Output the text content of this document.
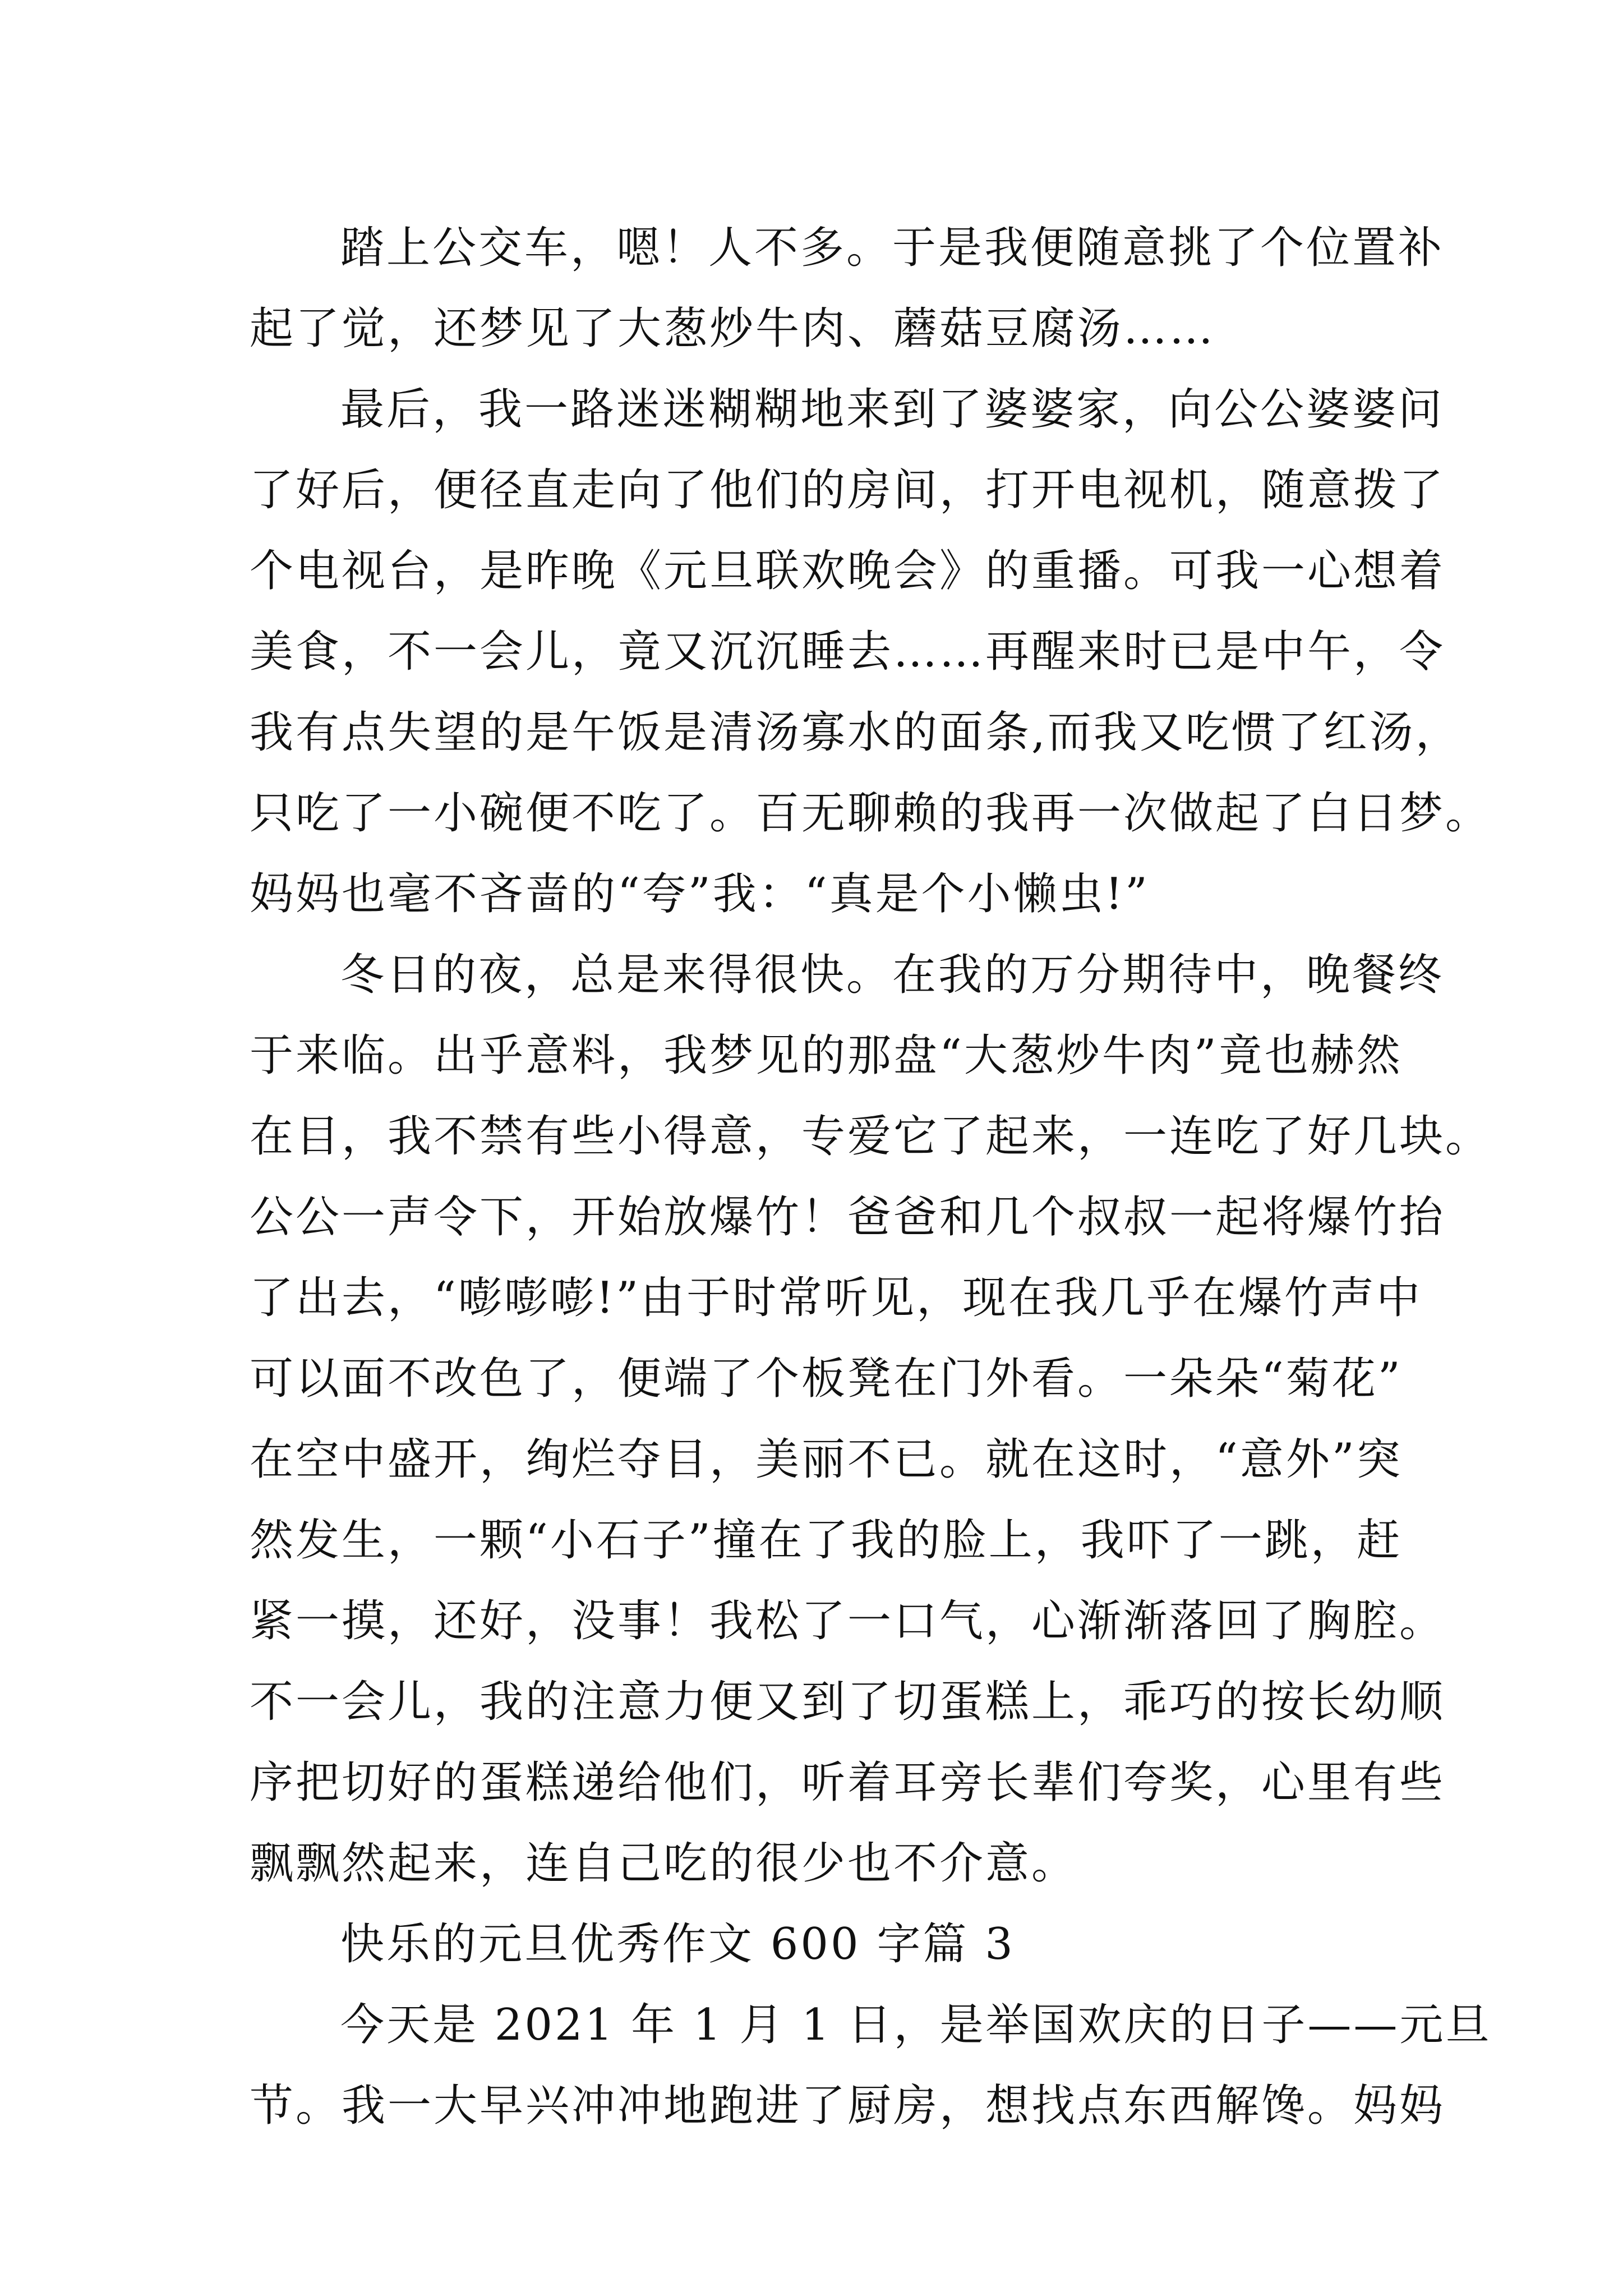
踏上公交车，嗯！人不多。于是我便随意挑了个位置补
起了觉，还梦见了大葱炒牛肉、蘑菇豆腐汤……
最后，我一路迷迷糊糊地来到了婆婆家，向公公婆婆问
了好后，便径直走向了他们的房间，打开电视机，随意拨了
个电视台，是昨晚《元旦联欢晚会》的重播。可我一心想着
美食，不一会儿，竟又沉沉睡去……再醒来时已是中午，令
我有点失望的是午饭是清汤寡水的面条,而我又吃惯了红汤，
只吃了一小碗便不吃了。百无聊赖的我再一次做起了白日梦。
妈妈也毫不吝啬的“夸”我：“真是个小懒虫!”
冬日的夜，总是来得很快。在我的万分期待中，晚餐终
于来临。出乎意料，我梦见的那盘“大葱炒牛肉”竟也赫然
在目，我不禁有些小得意，专爱它了起来，一连吃了好几块。
公公一声令下，开始放爆竹！爸爸和几个叔叔一起将爆竹抬
了出去，“嘭嘭嘭!”由于时常听见，现在我几乎在爆竹声中
可以面不改色了，便端了个板凳在门外看。一朵朵“菊花”
在空中盛开，绚烂夺目，美丽不已。就在这时，“意外”突
然发生，一颗“小石子”撞在了我的脸上，我吓了一跳，赶
紧一摸，还好，没事！我松了一口气，心渐渐落回了胸腔。
不一会儿，我的注意力便又到了切蛋糕上，乖巧的按长幼顺
序把切好的蛋糕递给他们，听着耳旁长辈们夸奖，心里有些
飘飘然起来，连自己吃的很少也不介意。
快乐的元旦优秀作文 600 字篇 3
今天是 2021 年 1 月 1 日，是举国欢庆的日子——元旦
节。我一大早兴冲冲地跑进了厨房，想找点东西解馋。妈妈
